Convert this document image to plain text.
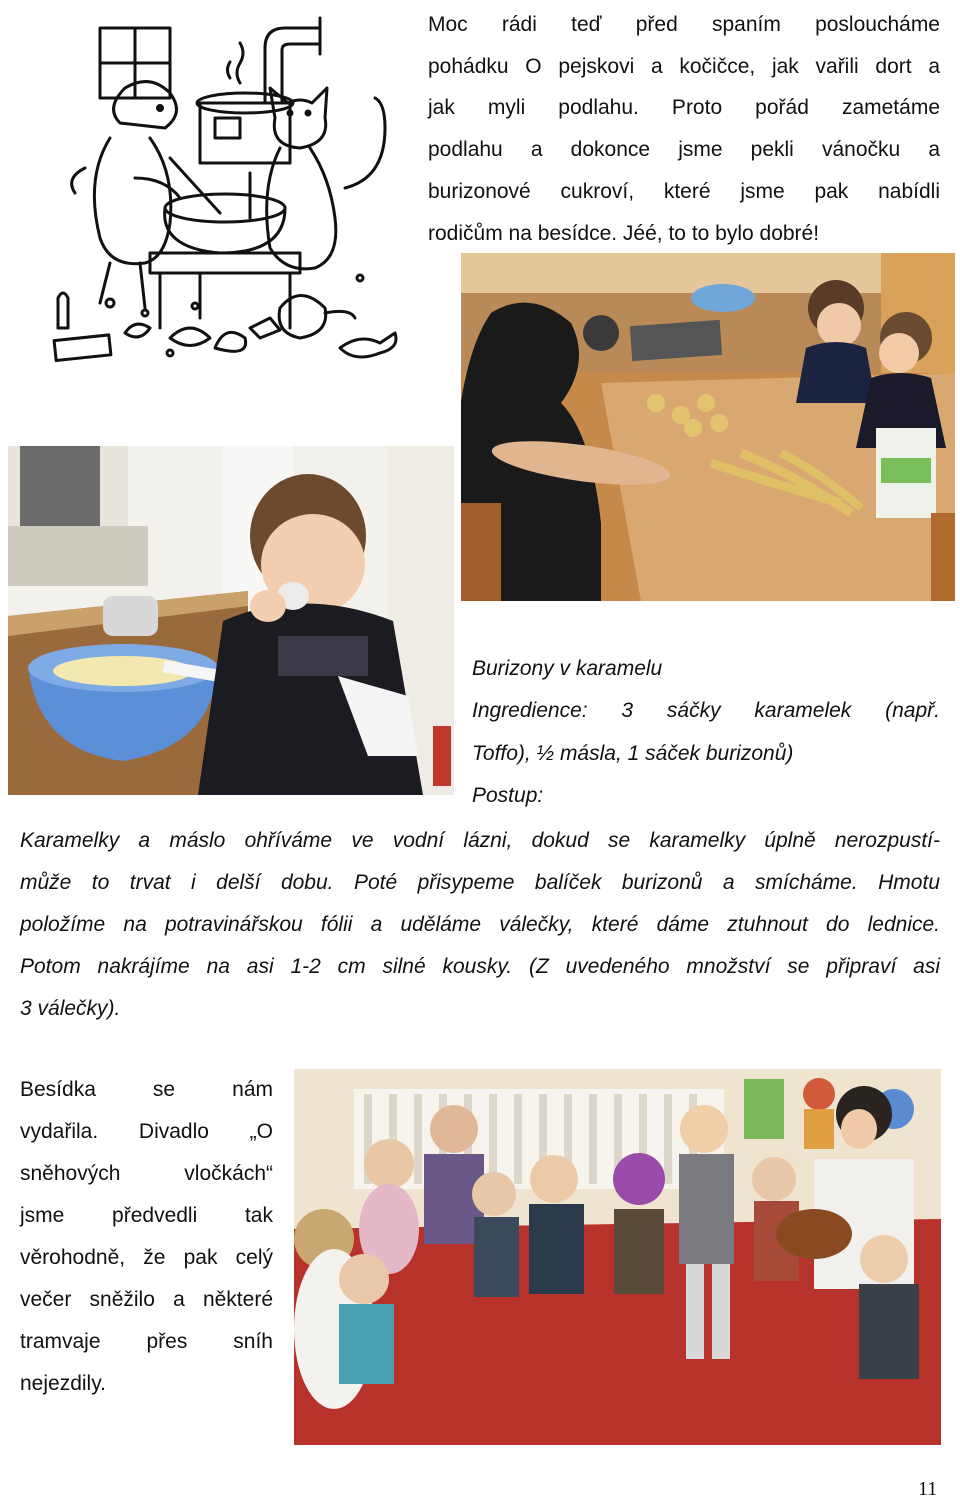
Moc rádi teď před spaním posloucháme
pohádku O pejskovi a kočičce, jak vařili dort a
jak myli podlahu. Proto pořád zametáme
podlahu a dokonce jsme pekli vánočku a
burizonové cukroví, které jsme pak nabídli
rodičům na besídce. Jéé, to to bylo dobré!
Burizony v karamelu
Ingredience: 3 sáčky karamelek (např.
Toffo), ½ másla, 1 sáček burizonů)
Postup:
Karamelky a máslo ohříváme ve vodní lázni, dokud se karamelky úplně nerozpustí-
může to trvat i delší dobu. Poté přisypeme balíček burizonů a smícháme. Hmotu
položíme na potravinářskou fólii a uděláme válečky, které dáme ztuhnout do lednice.
Potom nakrájíme na asi 1-2 cm silné kousky. (Z uvedeného množství se připraví asi
3 válečky).
Besídka se nám
vydařila. Divadlo „O
sněhových vločkách“
jsme předvedli tak
věrohodně, že pak celý
večer sněžilo a některé
tramvaje přes sníh
nejezdily.
11
